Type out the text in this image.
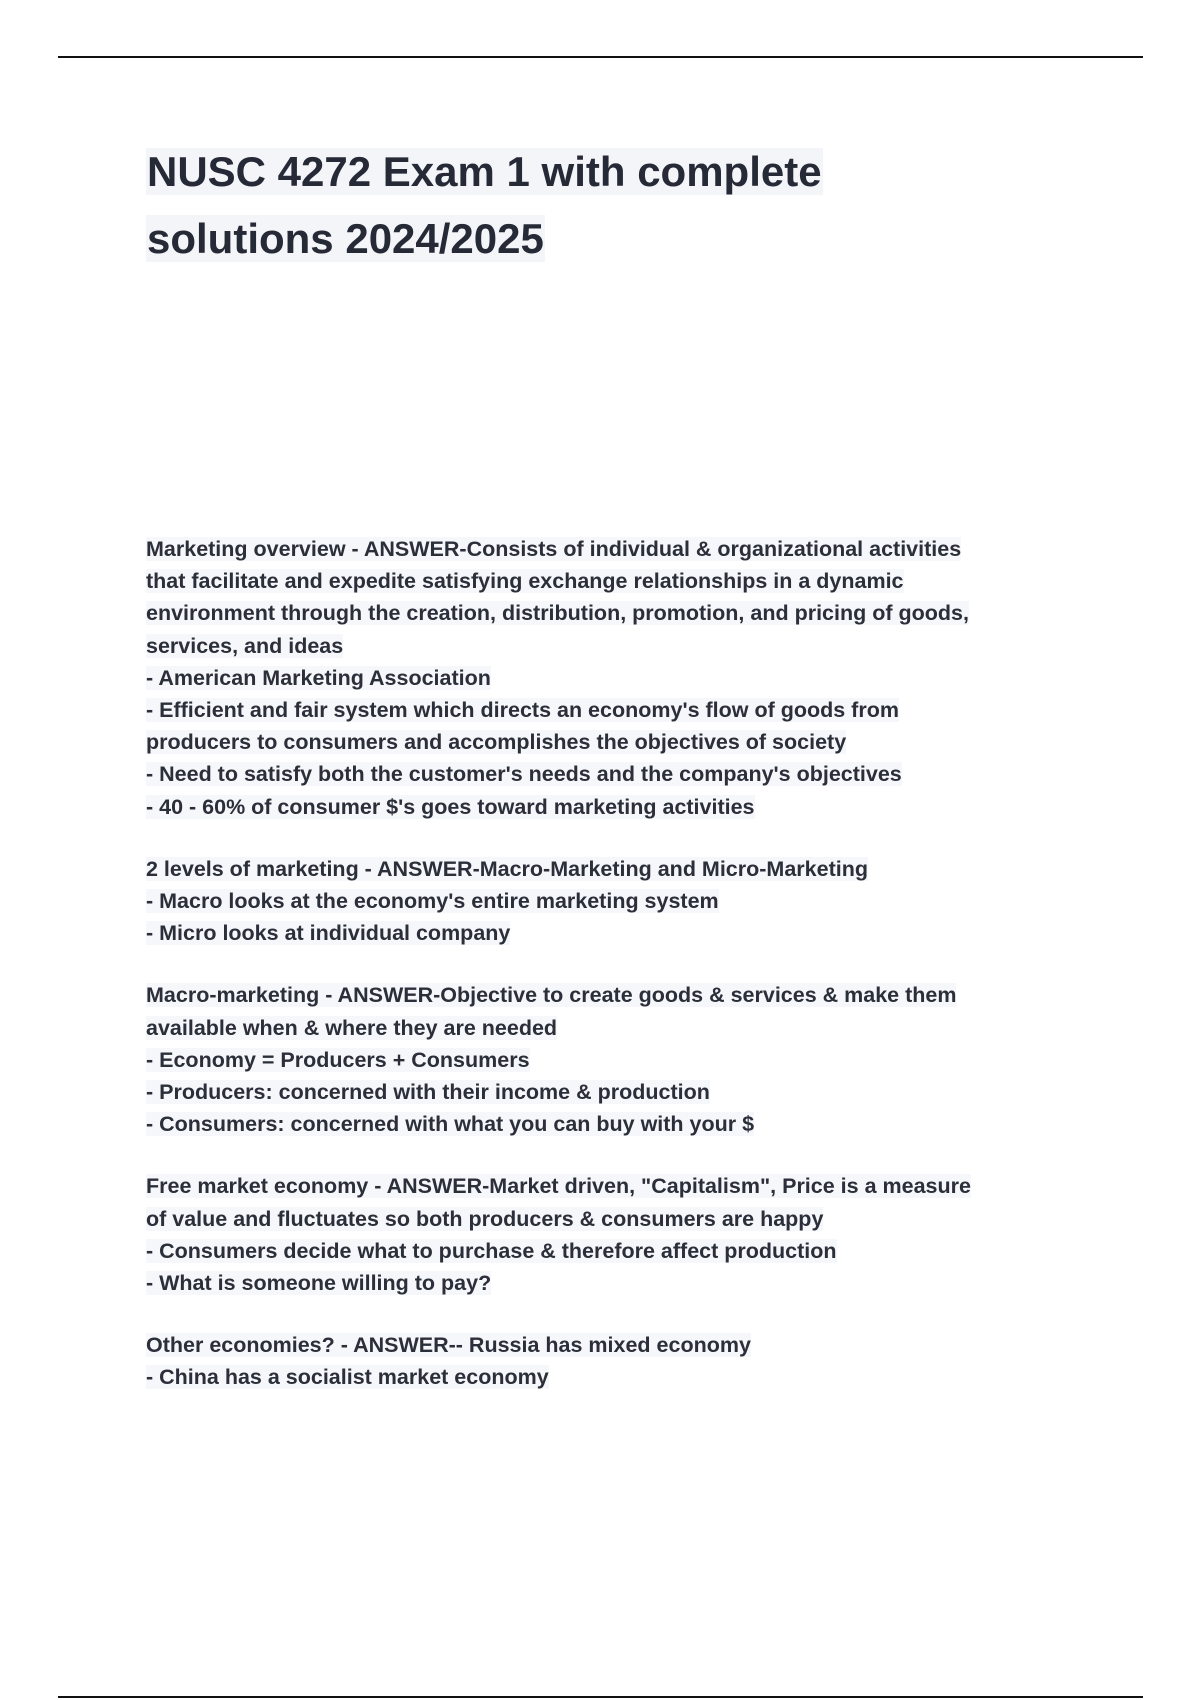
NUSC 4272 Exam 1 with complete
solutions 2024/2025
Marketing overview - ANSWER-Consists of individual & organizational activities
that facilitate and expedite satisfying exchange relationships in a dynamic
environment through the creation, distribution, promotion, and pricing of goods,
services, and ideas
- American Marketing Association
- Efficient and fair system which directs an economy's flow of goods from
producers to consumers and accomplishes the objectives of society
- Need to satisfy both the customer's needs and the company's objectives
- 40 - 60% of consumer $'s goes toward marketing activities
2 levels of marketing - ANSWER-Macro-Marketing and Micro-Marketing
- Macro looks at the economy's entire marketing system
- Micro looks at individual company
Macro-marketing - ANSWER-Objective to create goods & services & make them
available when & where they are needed
- Economy = Producers + Consumers
- Producers: concerned with their income & production
- Consumers: concerned with what you can buy with your $
Free market economy - ANSWER-Market driven, "Capitalism", Price is a measure
of value and fluctuates so both producers & consumers are happy
- Consumers decide what to purchase & therefore affect production
- What is someone willing to pay?
Other economies? - ANSWER-- Russia has mixed economy
- China has a socialist market economy
